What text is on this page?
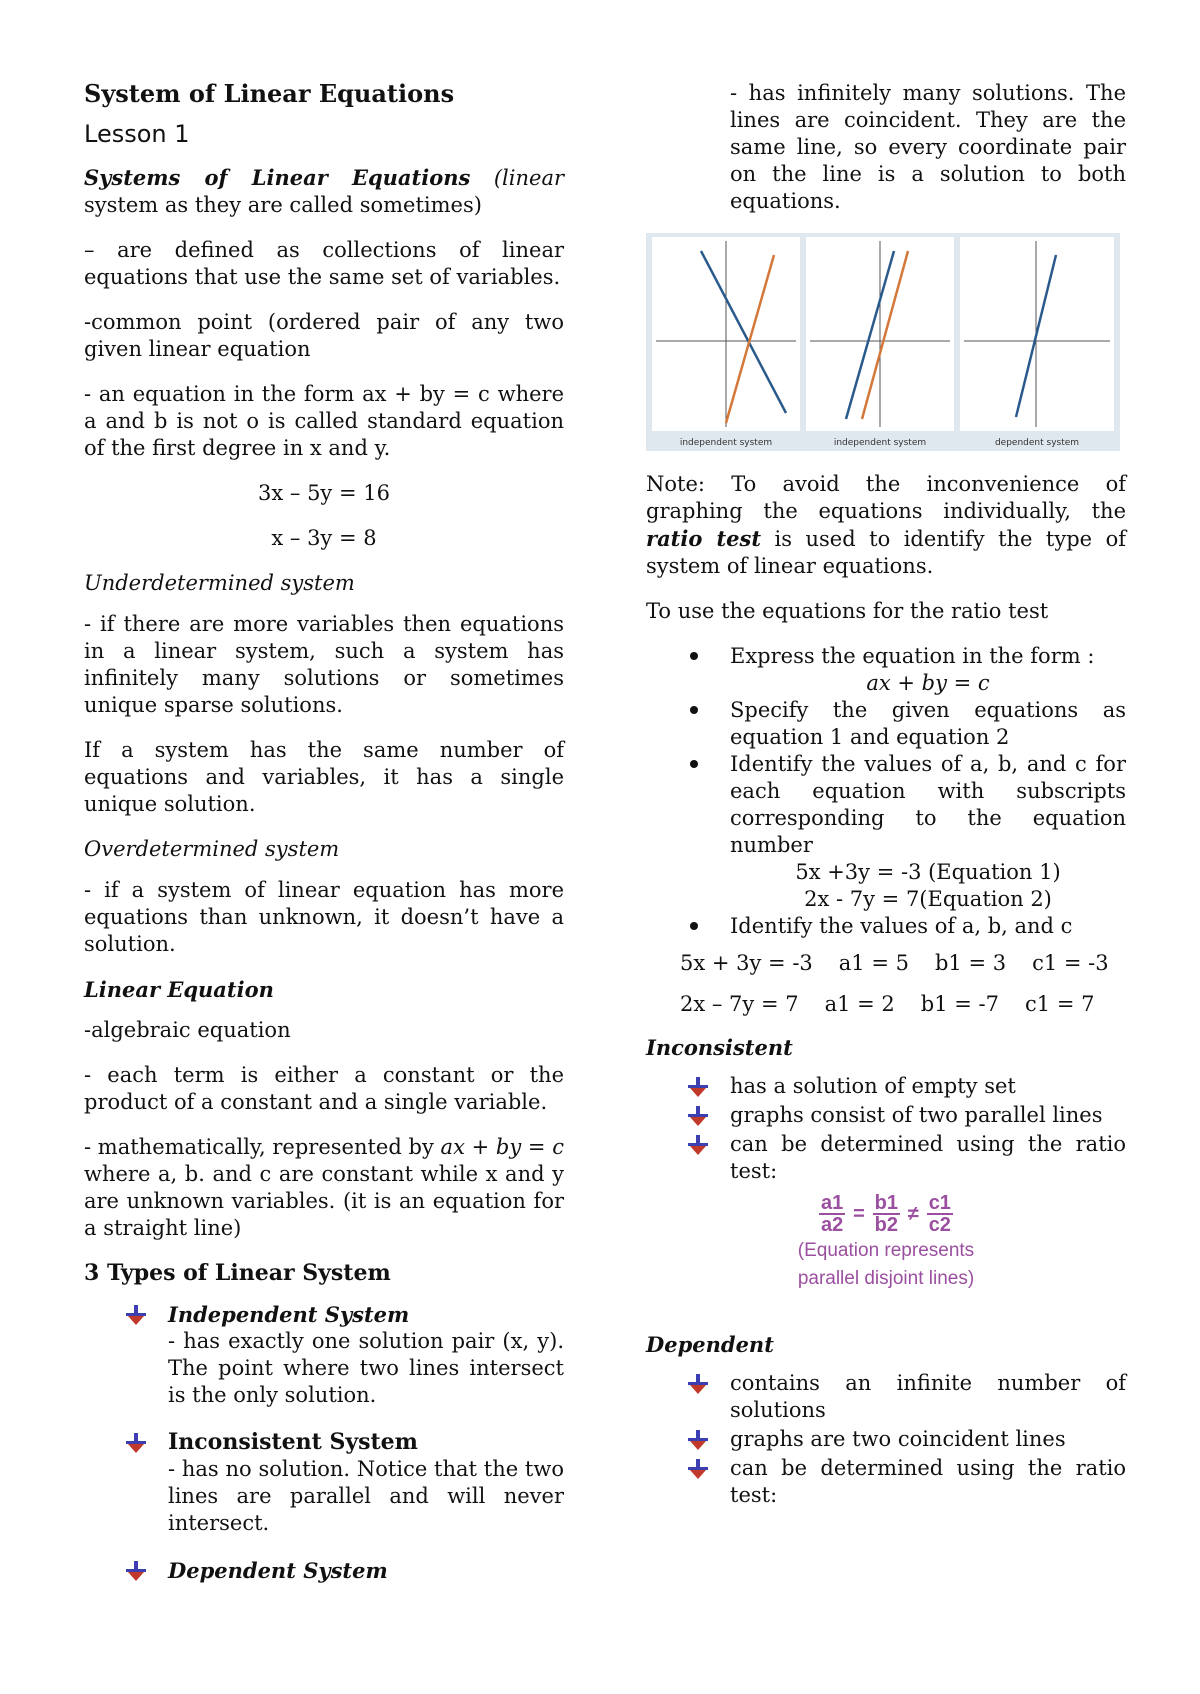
System of Linear Equations

Lesson 1

Systems of Linear Equations (linear system as they are called sometimes)

– are defined as collections of linear equations that use the same set of variables.

-common point (ordered pair of any two given linear equation

- an equation in the form ax + by = c where a and b is not o is called standard equation of the first degree in x and y.

3x – 5y = 16

x – 3y = 8

Underdetermined system

- if there are more variables then equations in a linear system, such a system has infinitely many solutions or sometimes unique sparse solutions.

If a system has the same number of equations and variables, it has a single unique solution.

Overdetermined system

- if a system of linear equation has more equations than unknown, it doesn’t have a solution.

Linear Equation

-algebraic equation

- each term is either a constant or the product of a constant and a single variable.

- mathematically, represented by ax + by = c where a, b. and c are constant while x and y are unknown variables. (it is an equation for a straight line)

3 Types of Linear System

Independent System
- has exactly one solution pair (x, y). The point where two lines intersect is the only solution.
Inconsistent System
- has no solution. Notice that the two lines are parallel and will never intersect.
Dependent System

- has infinitely many solutions. The lines are coincident. They are the same line, so every coordinate pair on the line is a solution to both equations.

independent system	independent system	dependent system

Note: To avoid the inconvenience of graphing the equations individually, the ratio test is used to identify the type of system of linear equations.

To use the equations for the ratio test

Express the equation in the form :
ax + by = c
Specify the given equations as equation 1 and equation 2
Identify the values of a, b, and c for each equation with subscripts corresponding to the equation number
5x +3y = -3 (Equation 1)
2x - 7y = 7(Equation 2)
Identify the values of a, b, and c
5x + 3y = -3 a1 = 5 b1 = 3 c1 = -3
2x – 7y = 7 a1 = 2 b1 = -7 c1 = 7

Inconsistent

has a solution of empty set
graphs consist of two parallel lines
can be determined using the ratio test:
$\frac{a1}{a2} = \frac{b1}{b2} \ne \frac{c1}{c2}$
(Equation represents
parallel disjoint lines)

Dependent

contains an infinite number of solutions
graphs are two coincident lines
can be determined using the ratio test:
